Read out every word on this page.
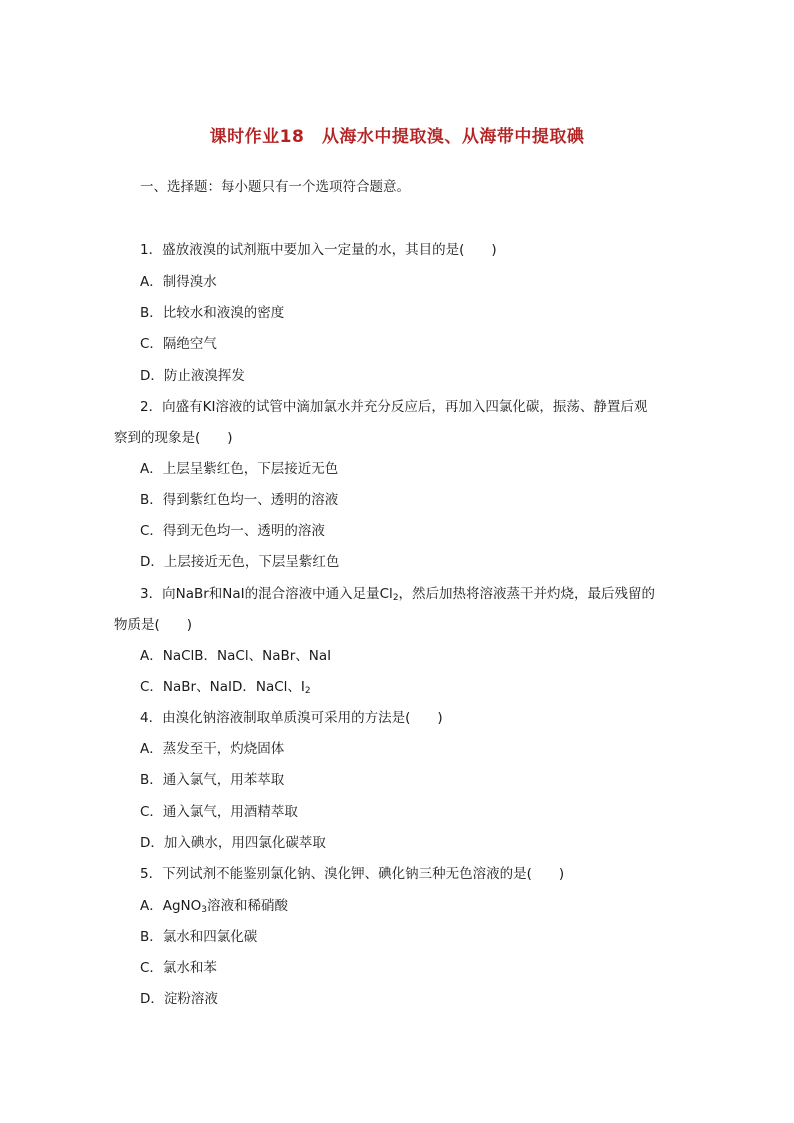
课时作业18　从海水中提取溴、从海带中提取碘
一、选择题：每小题只有一个选项符合题意。
1．盛放液溴的试剂瓶中要加入一定量的水，其目的是(　　)
A．制得溴水
B．比较水和液溴的密度
C．隔绝空气
D．防止液溴挥发
2．向盛有KI溶液的试管中滴加氯水并充分反应后，再加入四氯化碳，振荡、静置后观
察到的现象是(　　)
A．上层呈紫红色，下层接近无色
B．得到紫红色均一、透明的溶液
C．得到无色均一、透明的溶液
D．上层接近无色，下层呈紫红色
3．向NaBr和NaI的混合溶液中通入足量$Cl_2$，然后加热将溶液蒸干并灼烧，最后残留的
物质是(　　)
A．NaClB．NaCl、NaBr、NaI
C．NaBr、NaID．NaCl、$I_2$
4．由溴化钠溶液制取单质溴可采用的方法是(　　)
A．蒸发至干，灼烧固体
B．通入氯气，用苯萃取
C．通入氯气，用酒精萃取
D．加入碘水，用四氯化碳萃取
5．下列试剂不能鉴别氯化钠、溴化钾、碘化钠三种无色溶液的是(　　)
A．AgNO$_3$溶液和稀硝酸
B．氯水和四氯化碳
C．氯水和苯
D．淀粉溶液
